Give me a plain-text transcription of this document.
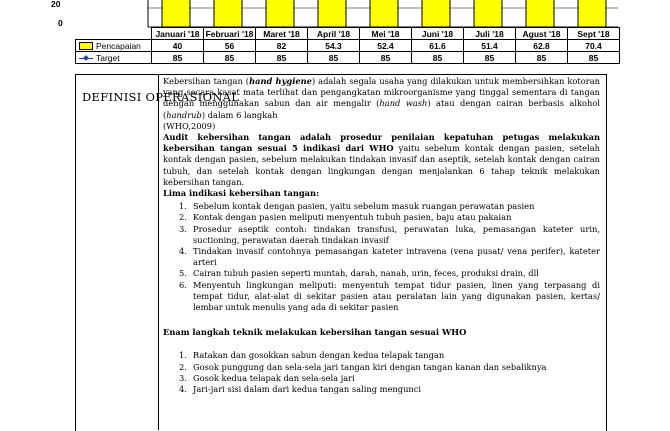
20
0
	Januari '18	Februari '18	Maret '18	April '18	Mei '18	Juni '18	Juli '18	Agust '18	Sept '18
Pencapaian	40	56	82	54.3	52.4	61.6	51.4	62.8	70.4
Target	85	85	85	85	85	85	85	85	85
DEFINISI OPERASIONAL

Kebersihan tangan (hand hygiene) adalah segala usaha yang dilakukan untuk membersihkan kotoran yang secara kasat mata terlihat dan pengangkatan mikroorganisme yang tinggal sementara di tangan dengan menggunakan sabun dan air mengalir (hand wash) atau dengan cairan berbasis alkohol (handrub) dalam 6 langkah

(WHO,2009)

Audit kebersihan tangan adalah prosedur penilaian kepatuhan petugas melakukan kebersihan tangan sesuai 5 indikasi dari WHO yaitu sebelum kontak dengan pasien, setelah kontak dengan pasien, sebelum melakukan tindakan invasif dan aseptik, setelah kontak dengan cairan tubuh, dan setelah kontak dengan lingkungan dengan menjalankan 6 tahap teknik melakukan kebersihan tangan.

Lima indikasi kebersihan tangan:

1. Sebelum kontak dengan pasien, yaitu sebelum masuk ruangan perawatan pasien
2. Kontak dengan pasien meliputi menyentuh tubuh pasien, baju atau pakaian
3. Prosedur aseptik contoh: tindakan transfusi, perawatan luka, pemasangan kateter urin, suctioning, perawatan daerah tindakan invasif
4. Tindakan invasif contohnya pemasangan kateter intravena (vena pusat/ vena perifer), kateter arteri
5. Cairan tubuh pasien seperti muntah, darah, nanah, urin, feces, produksi drain, dll
6. Menyentuh lingkungan meliputi: menyentuh tempat tidur pasien, linen yang terpasang di tempat tidur, alat-alat di sekitar pasien atau peralatan lain yang digunakan pasien, kertas/ lembar untuk menulis yang ada di sekitar pasien

Enam langkah teknik melakukan kebersihan tangan sesuai WHO

1. Ratakan dan gosokkan sabun dengan kedua telapak tangan
2. Gosok punggung dan sela-sela jari tangan kiri dengan tangan kanan dan sebaliknya
3. Gosok kedua telapak dan sela-sela jari
4. Jari-jari sisi dalam dari kedua tangan saling mengunci
